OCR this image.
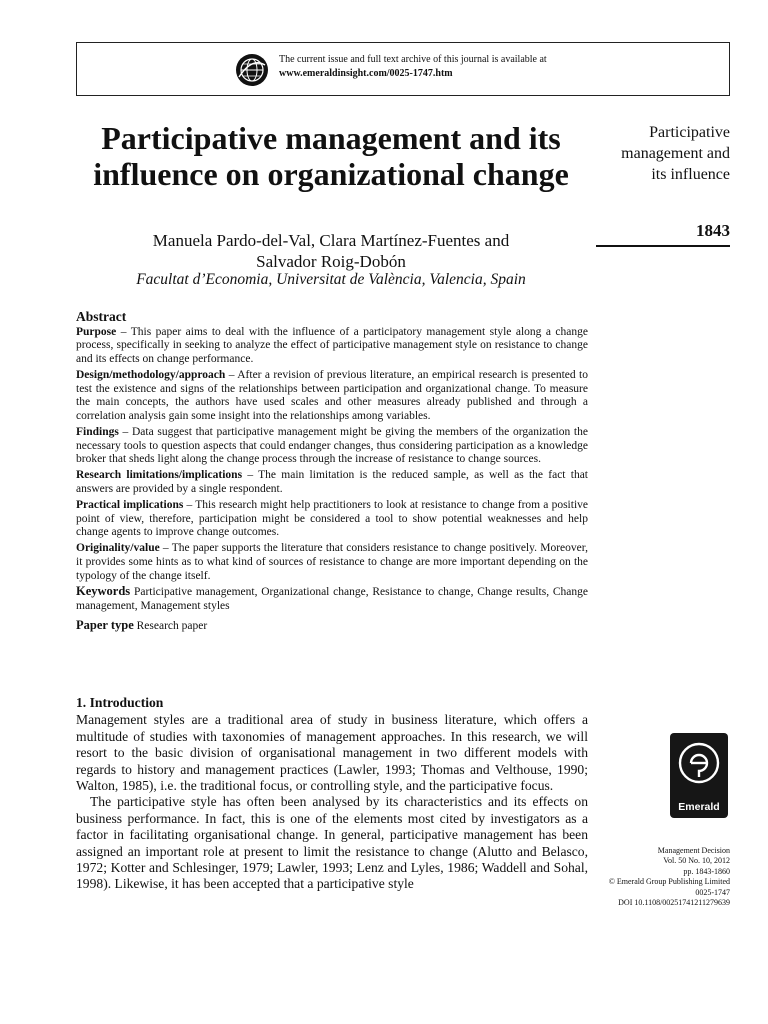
The current issue and full text archive of this journal is available at
www.emeraldinsight.com/0025-1747.htm
Participative management and its influence on organizational change
Manuela Pardo-del-Val, Clara Martínez-Fuentes and
Salvador Roig-Dobón
Facultat d’Economia, Universitat de València, Valencia, Spain
Participative
management and
its influence
1843
Abstract

Purpose – This paper aims to deal with the influence of a participatory management style along a change process, specifically in seeking to analyze the effect of participative management style on resistance to change and its effects on change performance.

Design/methodology/approach – After a revision of previous literature, an empirical research is presented to test the existence and signs of the relationships between participation and organizational change. To measure the main concepts, the authors have used scales and other measures already published and through a correlation analysis gain some insight into the relationships among variables.

Findings – Data suggest that participative management might be giving the members of the organization the necessary tools to question aspects that could endanger changes, thus considering participation as a knowledge broker that sheds light along the change process through the increase of resistance to change sources.

Research limitations/implications – The main limitation is the reduced sample, as well as the fact that answers are provided by a single respondent.

Practical implications – This research might help practitioners to look at resistance to change from a positive point of view, therefore, participation might be considered a tool to show potential weaknesses and help change agents to improve change outcomes.

Originality/value – The paper supports the literature that considers resistance to change positively. Moreover, it provides some hints as to what kind of sources of resistance to change are more important depending on the typology of the change itself.

Keywords Participative management, Organizational change, Resistance to change, Change results, Change management, Management styles

Paper type Research paper

1. Introduction

Management styles are a traditional area of study in business literature, which offers a multitude of studies with taxonomies of management approaches. In this research, we will resort to the basic division of organisational management in two different models with regards to history and management practices (Lawler, 1993; Thomas and Velthouse, 1990; Walton, 1985), i.e. the traditional focus, or controlling style, and the participative focus.

The participative style has often been analysed by its characteristics and its effects on business performance. In fact, this is one of the elements most cited by investigators as a factor in facilitating organisational change. In general, participative management has been assigned an important role at present to limit the resistance to change (Alutto and Belasco, 1972; Kotter and Schlesinger, 1979; Lawler, 1993; Lenz and Lyles, 1986; Waddell and Sohal, 1998). Likewise, it has been accepted that a participative style

Emerald
Management Decision
Vol. 50 No. 10, 2012
pp. 1843-1860
© Emerald Group Publishing Limited
0025-1747
DOI 10.1108/00251741211279639
